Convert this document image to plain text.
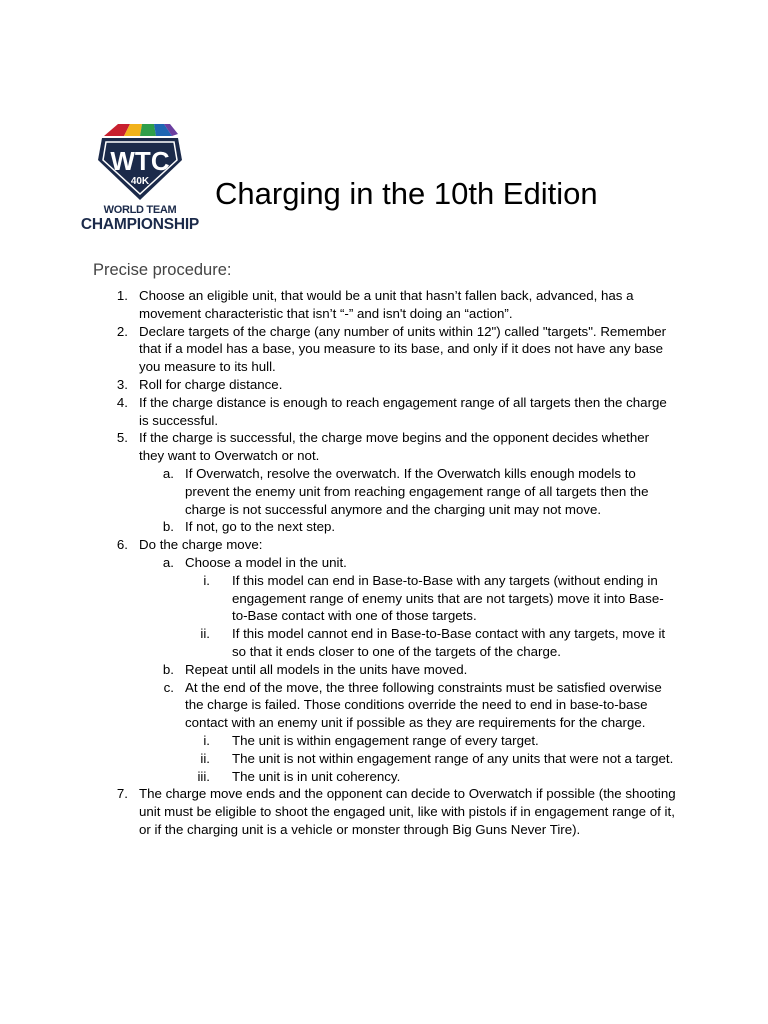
WTC
40K
WORLD TEAM
CHAMPIONSHIP
Charging in the 10th Edition
Precise procedure:
1. Choose an eligible unit, that would be a unit that hasn’t fallen back, advanced, has a movement characteristic that isn’t “-” and isn't doing an “action”.
2. Declare targets of the charge (any number of units within 12") called "targets". Remember that if a model has a base, you measure to its base, and only if it does not have any base you measure to its hull.
3. Roll for charge distance.
4. If the charge distance is enough to reach engagement range of all targets then the charge is successful.
5. If the charge is successful, the charge move begins and the opponent decides whether they want to Overwatch or not.
a. If Overwatch, resolve the overwatch. If the Overwatch kills enough models to prevent the enemy unit from reaching engagement range of all targets then the charge is not successful anymore and the charging unit may not move.
b. If not, go to the next step.
6. Do the charge move:
a. Choose a model in the unit.
i. If this model can end in Base-to-Base with any targets (without ending in engagement range of enemy units that are not targets) move it into Base-to-Base contact with one of those targets.
ii. If this model cannot end in Base-to-Base contact with any targets, move it so that it ends closer to one of the targets of the charge.
b. Repeat until all models in the units have moved.
c. At the end of the move, the three following constraints must be satisfied overwise the charge is failed. Those conditions override the need to end in base-to-base contact with an enemy unit if possible as they are requirements for the charge.
i. The unit is within engagement range of every target.
ii. The unit is not within engagement range of any units that were not a target.
iii. The unit is in unit coherency.
7. The charge move ends and the opponent can decide to Overwatch if possible (the shooting unit must be eligible to shoot the engaged unit, like with pistols if in engagement range of it, or if the charging unit is a vehicle or monster through Big Guns Never Tire).
